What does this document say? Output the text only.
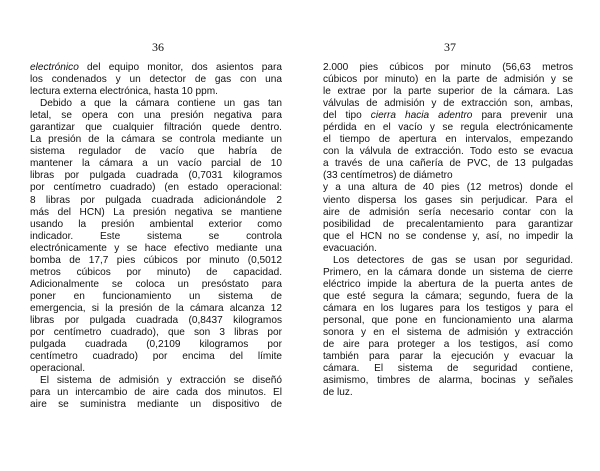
36
electrónico del equipo monitor, dos asientos para
los condenados y un detector de gas con una
lectura externa electrónica, hasta 10 ppm.
Debido a que la cámara contiene un gas tan
letal, se opera con una presión negativa para
garantizar que cualquier filtración quede dentro.
La presión de la cámara se controla mediante un
sistema regulador de vacío que habría de
mantener la cámara a un vacío parcial de 10
libras por pulgada cuadrada (0,7031 kilogramos
por centímetro cuadrado) (en estado operacional:
8 libras por pulgada cuadrada adicionándole 2
más del HCN) La presión negativa se mantiene
usando la presión ambiental exterior como
indicador. Este sistema se controla
electrónicamente y se hace efectivo mediante una
bomba de 17,7 pies cúbicos por minuto (0,5012
metros cúbicos por minuto) de capacidad.
Adicionalmente se coloca un presóstato para
poner en funcionamiento un sistema de
emergencia, si la presión de la cámara alcanza 12
libras por pulgada cuadrada (0,8437 kilogramos
por centímetro cuadrado), que son 3 libras por
pulgada cuadrada (0,2109 kilogramos por
centímetro cuadrado) por encima del límite
operacional.
El sistema de admisión y extracción se diseñó
para un intercambio de aire cada dos minutos. El
aire se suministra mediante un dispositivo de
37
2.000 pies cúbicos por minuto (56,63 metros
cúbicos por minuto) en la parte de admisión y se
le extrae por la parte superior de la cámara. Las
válvulas de admisión y de extracción son, ambas,
del tipo cierra hacia adentro para prevenir una
pérdida en el vacío y se regula electrónicamente
el tiempo de apertura en intervalos, empezando
con la válvula de extracción. Todo esto se evacua
a través de una cañería de PVC, de 13 pulgadas
(33 centímetros) de diámetro
y a una altura de 40 pies (12 metros) donde el
viento dispersa los gases sin perjudicar. Para el
aire de admisión sería necesario contar con la
posibilidad de precalentamiento para garantizar
que el HCN no se condense y, así, no impedir la
evacuación.
Los detectores de gas se usan por seguridad.
Primero, en la cámara donde un sistema de cierre
eléctrico impide la abertura de la puerta antes de
que esté segura la cámara; segundo, fuera de la
cámara en los lugares para los testigos y para el
personal, que pone en funcionamiento una alarma
sonora y en el sistema de admisión y extracción
de aire para proteger a los testigos, así como
también para parar la ejecución y evacuar la
cámara. El sistema de seguridad contiene,
asimismo, timbres de alarma, bocinas y señales
de luz.
